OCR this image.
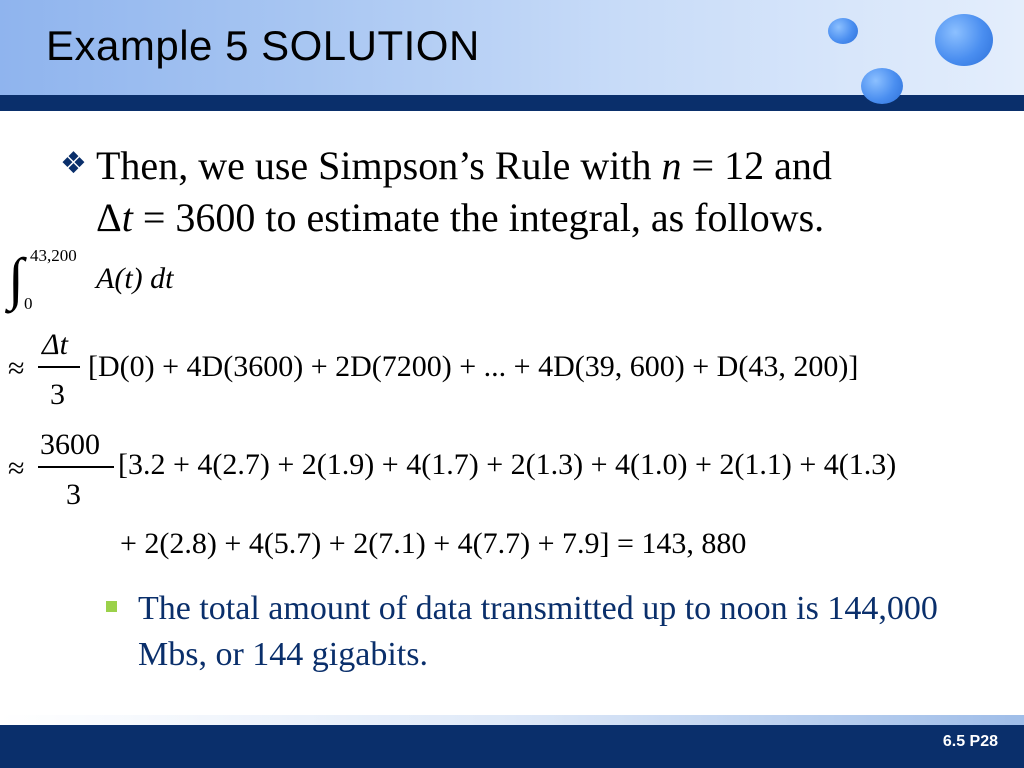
Example 5 SOLUTION
❖ Then, we use Simpson’s Rule with n = 12 and
Δt = 3600 to estimate the integral, as follows.
∫ 43,200
0
A(t) dt
≈
Δt
3
[D(0) + 4D(3600) + 2D(7200) + ... + 4D(39, 600) + D(43, 200)]
≈
3600
3
[3.2 + 4(2.7) + 2(1.9) + 4(1.7) + 2(1.3) + 4(1.0) + 2(1.1) + 4(1.3)
+ 2(2.8) + 4(5.7) + 2(7.1) + 4(7.7) + 7.9] = 143, 880
The total amount of data transmitted up to noon is 144,000 Mbs, or 144 gigabits.
6.5 P28
